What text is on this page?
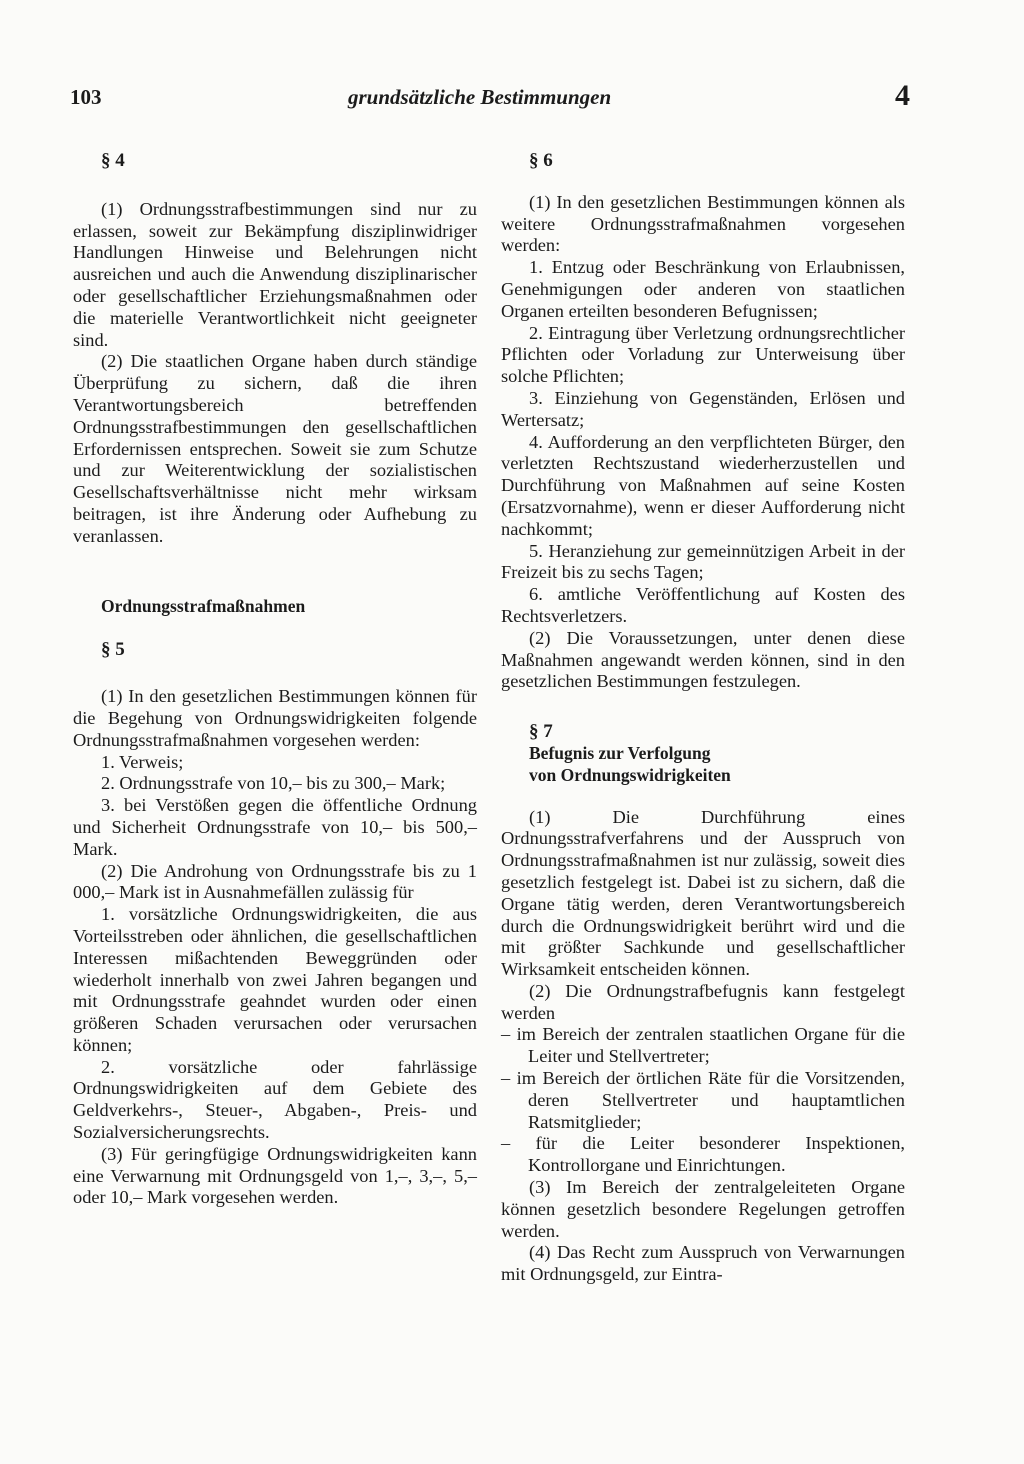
103	grundsätzliche Bestimmungen	4

§ 4

(1) Ordnungsstrafbestimmungen sind nur zu erlassen, soweit zur Bekämpfung disziplinwidriger Handlungen Hinweise und Belehrungen nicht ausreichen und auch die Anwendung disziplinarischer oder gesellschaftlicher Erziehungsmaßnahmen oder die materielle Verantwortlichkeit nicht geeigneter sind.

(2) Die staatlichen Organe haben durch ständige Überprüfung zu sichern, daß die ihren Verantwortungsbereich betreffenden Ordnungsstrafbestimmungen den gesellschaftlichen Erfordernissen entsprechen. Soweit sie zum Schutze und zur Weiterentwicklung der sozialistischen Gesellschaftsverhältnisse nicht mehr wirksam beitragen, ist ihre Änderung oder Aufhebung zu veranlassen.

Ordnungsstrafmaßnahmen

§ 5

(1) In den gesetzlichen Bestimmungen können für die Begehung von Ordnungswidrigkeiten folgende Ordnungsstrafmaßnahmen vorgesehen werden:

1. Verweis;

2. Ordnungsstrafe von 10,– bis zu 300,– Mark;

3. bei Verstößen gegen die öffentliche Ordnung und Sicherheit Ordnungsstrafe von 10,– bis 500,– Mark.

(2) Die Androhung von Ordnungsstrafe bis zu 1 000,– Mark ist in Ausnahmefällen zulässig für

1. vorsätzliche Ordnungswidrigkeiten, die aus Vorteilsstreben oder ähnlichen, die gesellschaftlichen Interessen mißachtenden Beweggründen oder wiederholt innerhalb von zwei Jahren begangen und mit Ordnungsstrafe geahndet wurden oder einen größeren Schaden verursachen oder verursachen können;

2. vorsätzliche oder fahrlässige Ordnungswidrigkeiten auf dem Gebiete des Geldverkehrs-, Steuer-, Abgaben-, Preis- und Sozialversicherungsrechts.

(3) Für geringfügige Ordnungswidrigkeiten kann eine Verwarnung mit Ordnungsgeld von 1,–, 3,–, 5,– oder 10,– Mark vorgesehen werden.

§ 6

(1) In den gesetzlichen Bestimmungen können als weitere Ordnungsstrafmaßnahmen vorgesehen werden:

1. Entzug oder Beschränkung von Erlaubnissen, Genehmigungen oder anderen von staatlichen Organen erteilten besonderen Befugnissen;

2. Eintragung über Verletzung ordnungsrechtlicher Pflichten oder Vorladung zur Unterweisung über solche Pflichten;

3. Einziehung von Gegenständen, Erlösen und Wertersatz;

4. Aufforderung an den verpflichteten Bürger, den verletzten Rechtszustand wiederherzustellen und Durchführung von Maßnahmen auf seine Kosten (Ersatzvornahme), wenn er dieser Aufforderung nicht nachkommt;

5. Heranziehung zur gemeinnützigen Arbeit in der Freizeit bis zu sechs Tagen;

6. amtliche Veröffentlichung auf Kosten des Rechtsverletzers.

(2) Die Voraussetzungen, unter denen diese Maßnahmen angewandt werden können, sind in den gesetzlichen Bestimmungen festzulegen.

§ 7

Befugnis zur Verfolgung

von Ordnungswidrigkeiten

(1) Die Durchführung eines Ordnungsstrafverfahrens und der Ausspruch von Ordnungsstrafmaßnahmen ist nur zulässig, soweit dies gesetzlich festgelegt ist. Dabei ist zu sichern, daß die Organe tätig werden, deren Verantwortungsbereich durch die Ordnungswidrigkeit berührt wird und die mit größter Sachkunde und gesellschaftlicher Wirksamkeit entscheiden können.

(2) Die Ordnungstrafbefugnis kann festgelegt werden

– im Bereich der zentralen staatlichen Organe für die Leiter und Stellvertreter;

– im Bereich der örtlichen Räte für die Vorsitzenden, deren Stellvertreter und hauptamtlichen Ratsmitglieder;

– für die Leiter besonderer Inspektionen, Kontrollorgane und Einrichtungen.

(3) Im Bereich der zentralgeleiteten Organe können gesetzlich besondere Regelungen getroffen werden.

(4) Das Recht zum Ausspruch von Verwarnungen mit Ordnungsgeld, zur Eintra-
